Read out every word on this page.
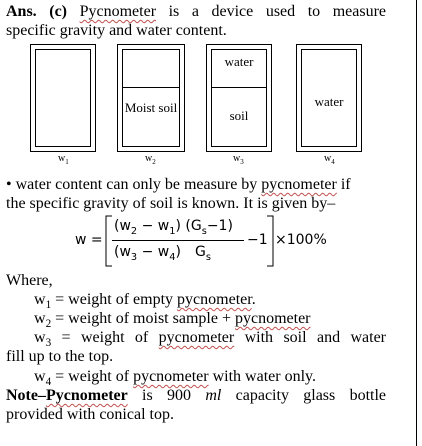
Ans. (c) Pycnometer is a device used to measure
specific gravity and water content.
Moist soil
water
soil
water
$w_1$	$w_2$	$w_3$	$w_4$
• water content can only be measure by pycnometer if
the specific gravity of soil is known. It is given by–
w =
$(w_2 - w_1)$ $(G_s-1)$
$(w_3 - w_4)$ $G_s$
−1 ×100%
Where,
$w_1$ = weight of empty pycnometer.
$w_2$ = weight of moist sample + pycnometer
$w_3$ = weight of pycnometer with soil and water
fill up to the top.
$w_4$ = weight of pycnometer with water only.
Note–Pycnometer is 900 ml capacity glass bottle
provided with conical top.
